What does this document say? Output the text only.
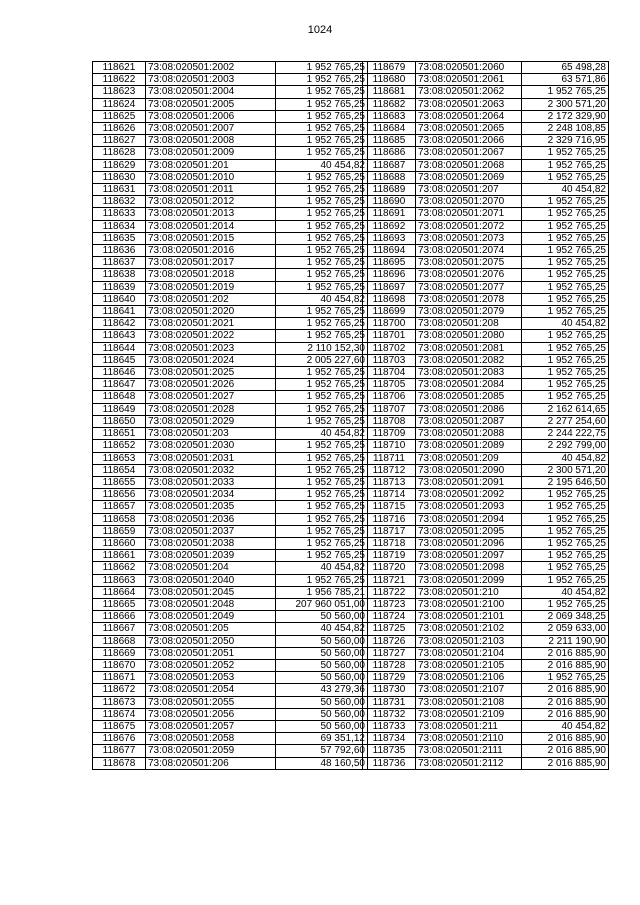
1024
118621	73:08:020501:2002	1 952 765,25
118622	73:08:020501:2003	1 952 765,25
118623	73:08:020501:2004	1 952 765,25
118624	73:08:020501:2005	1 952 765,25
118625	73:08:020501:2006	1 952 765,25
118626	73:08:020501:2007	1 952 765,25
118627	73:08:020501:2008	1 952 765,25
118628	73:08:020501:2009	1 952 765,25
118629	73:08:020501:201	40 454,82
118630	73:08:020501:2010	1 952 765,25
118631	73:08:020501:2011	1 952 765,25
118632	73:08:020501:2012	1 952 765,25
118633	73:08:020501:2013	1 952 765,25
118634	73:08:020501:2014	1 952 765,25
118635	73:08:020501:2015	1 952 765,25
118636	73:08:020501:2016	1 952 765,25
118637	73:08:020501:2017	1 952 765,25
118638	73:08:020501:2018	1 952 765,25
118639	73:08:020501:2019	1 952 765,25
118640	73:08:020501:202	40 454,82
118641	73:08:020501:2020	1 952 765,25
118642	73:08:020501:2021	1 952 765,25
118643	73:08:020501:2022	1 952 765,25
118644	73:08:020501:2023	2 110 152,30
118645	73:08:020501:2024	2 005 227,60
118646	73:08:020501:2025	1 952 765,25
118647	73:08:020501:2026	1 952 765,25
118648	73:08:020501:2027	1 952 765,25
118649	73:08:020501:2028	1 952 765,25
118650	73:08:020501:2029	1 952 765,25
118651	73:08:020501:203	40 454,82
118652	73:08:020501:2030	1 952 765,25
118653	73:08:020501:2031	1 952 765,25
118654	73:08:020501:2032	1 952 765,25
118655	73:08:020501:2033	1 952 765,25
118656	73:08:020501:2034	1 952 765,25
118657	73:08:020501:2035	1 952 765,25
118658	73:08:020501:2036	1 952 765,25
118659	73:08:020501:2037	1 952 765,25
118660	73:08:020501:2038	1 952 765,25
118661	73:08:020501:2039	1 952 765,25
118662	73:08:020501:204	40 454,82
118663	73:08:020501:2040	1 952 765,25
118664	73:08:020501:2045	1 956 785,21
118665	73:08:020501:2048	207 960 051,00
118666	73:08:020501:2049	50 560,00
118667	73:08:020501:205	40 454,82
118668	73:08:020501:2050	50 560,00
118669	73:08:020501:2051	50 560,00
118670	73:08:020501:2052	50 560,00
118671	73:08:020501:2053	50 560,00
118672	73:08:020501:2054	43 279,36
118673	73:08:020501:2055	50 560,00
118674	73:08:020501:2056	50 560,00
118675	73:08:020501:2057	50 560,00
118676	73:08:020501:2058	69 351,12
118677	73:08:020501:2059	57 792,60
118678	73:08:020501:206	48 160,50
118679	73:08:020501:2060	65 498,28
118680	73:08:020501:2061	63 571,86
118681	73:08:020501:2062	1 952 765,25
118682	73:08:020501:2063	2 300 571,20
118683	73:08:020501:2064	2 172 329,90
118684	73:08:020501:2065	2 248 108,85
118685	73:08:020501:2066	2 329 716,95
118686	73:08:020501:2067	1 952 765,25
118687	73:08:020501:2068	1 952 765,25
118688	73:08:020501:2069	1 952 765,25
118689	73:08:020501:207	40 454,82
118690	73:08:020501:2070	1 952 765,25
118691	73:08:020501:2071	1 952 765,25
118692	73:08:020501:2072	1 952 765,25
118693	73:08:020501:2073	1 952 765,25
118694	73:08:020501:2074	1 952 765,25
118695	73:08:020501:2075	1 952 765,25
118696	73:08:020501:2076	1 952 765,25
118697	73:08:020501:2077	1 952 765,25
118698	73:08:020501:2078	1 952 765,25
118699	73:08:020501:2079	1 952 765,25
118700	73:08:020501:208	40 454,82
118701	73:08:020501:2080	1 952 765,25
118702	73:08:020501:2081	1 952 765,25
118703	73:08:020501:2082	1 952 765,25
118704	73:08:020501:2083	1 952 765,25
118705	73:08:020501:2084	1 952 765,25
118706	73:08:020501:2085	1 952 765,25
118707	73:08:020501:2086	2 162 614,65
118708	73:08:020501:2087	2 277 254,60
118709	73:08:020501:2088	2 244 222,75
118710	73:08:020501:2089	2 292 799,00
118711	73:08:020501:209	40 454,82
118712	73:08:020501:2090	2 300 571,20
118713	73:08:020501:2091	2 195 646,50
118714	73:08:020501:2092	1 952 765,25
118715	73:08:020501:2093	1 952 765,25
118716	73:08:020501:2094	1 952 765,25
118717	73:08:020501:2095	1 952 765,25
118718	73:08:020501:2096	1 952 765,25
118719	73:08:020501:2097	1 952 765,25
118720	73:08:020501:2098	1 952 765,25
118721	73:08:020501:2099	1 952 765,25
118722	73:08:020501:210	40 454,82
118723	73:08:020501:2100	1 952 765,25
118724	73:08:020501:2101	2 069 348,25
118725	73:08:020501:2102	2 059 633,00
118726	73:08:020501:2103	2 211 190,90
118727	73:08:020501:2104	2 016 885,90
118728	73:08:020501:2105	2 016 885,90
118729	73:08:020501:2106	1 952 765,25
118730	73:08:020501:2107	2 016 885,90
118731	73:08:020501:2108	2 016 885,90
118732	73:08:020501:2109	2 016 885,90
118733	73:08:020501:211	40 454,82
118734	73:08:020501:2110	2 016 885,90
118735	73:08:020501:2111	2 016 885,90
118736	73:08:020501:2112	2 016 885,90
